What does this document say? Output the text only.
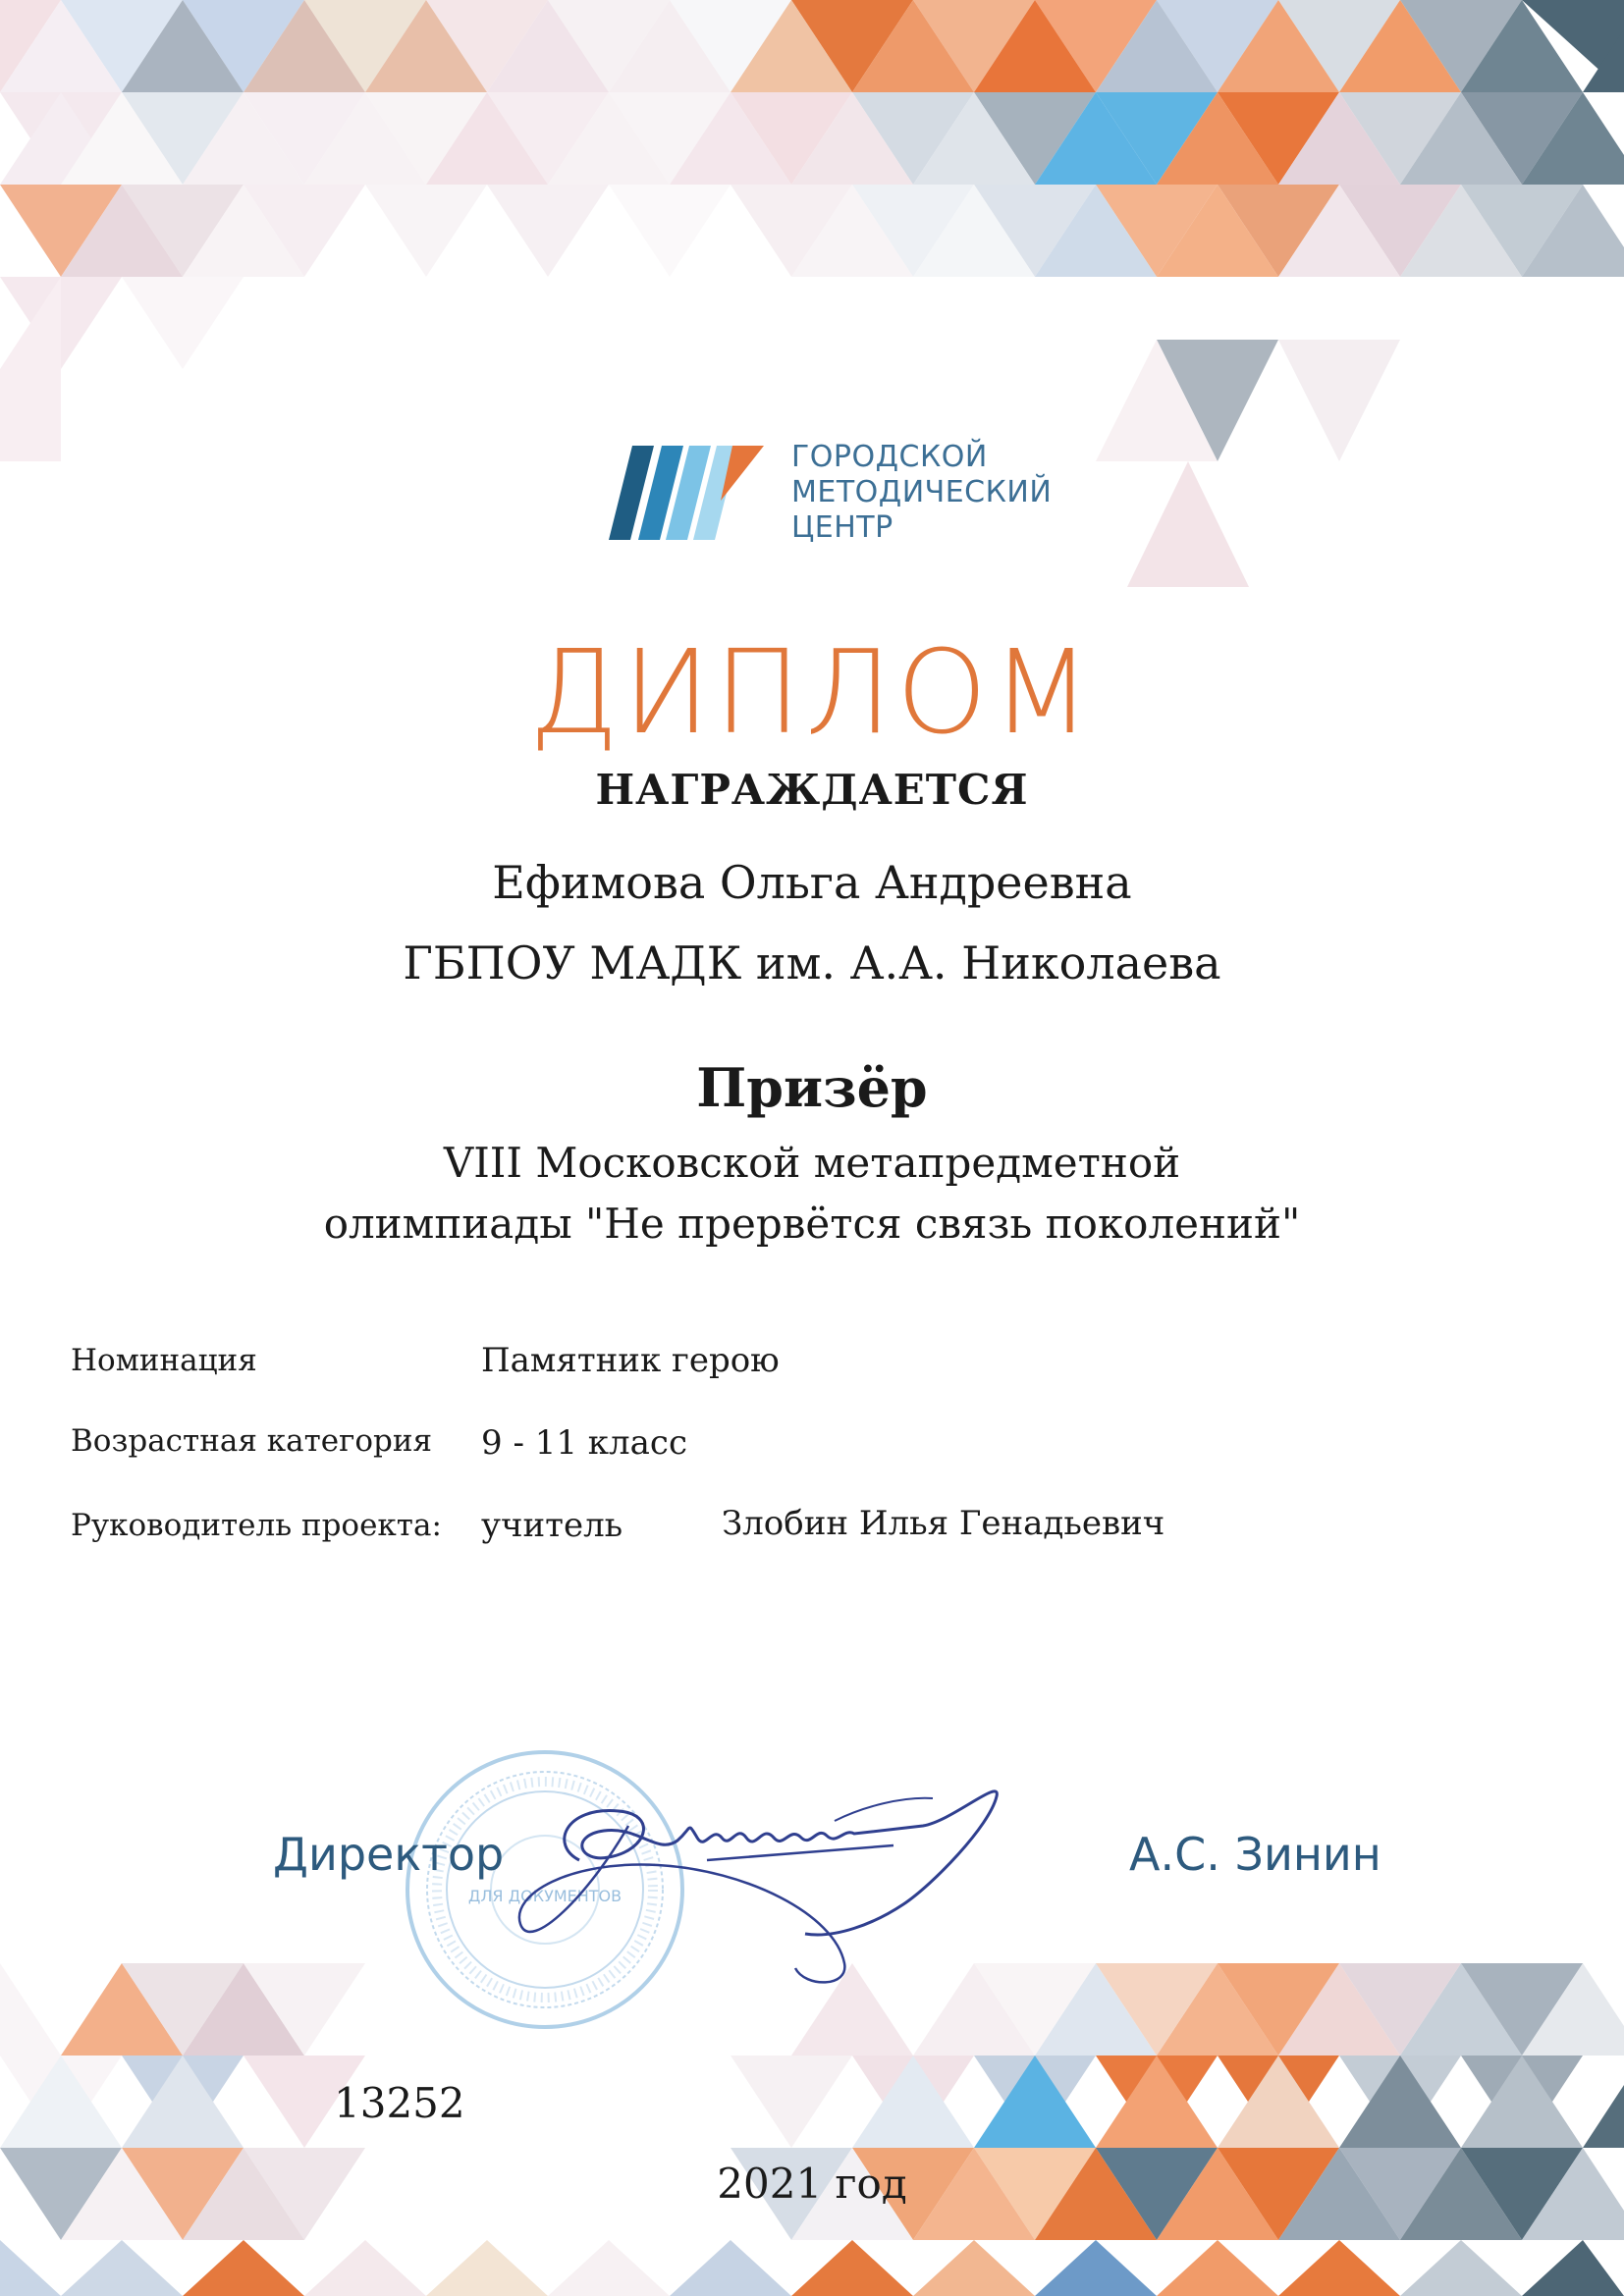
ГОРОДСКОЙ
МЕТОДИЧЕСКИЙ
ЦЕНТР
ДИПЛОМ
НАГРАЖДАЕТСЯ
Ефимова Ольга Андреевна
ГБПОУ МАДК им. А.А. Николаева
Призёр
VIII Московской метапредметной
олимпиады "Не прервётся связь поколений"
Номинация	Памятник герою
Возрастная категория 9 - 11 класс
Руководитель проекта: учитель	Злобин Илья Генадьевич
ДЛЯ ДОКУМЕНТОВ
Директор	А.С. Зинин
13252
2021 год
